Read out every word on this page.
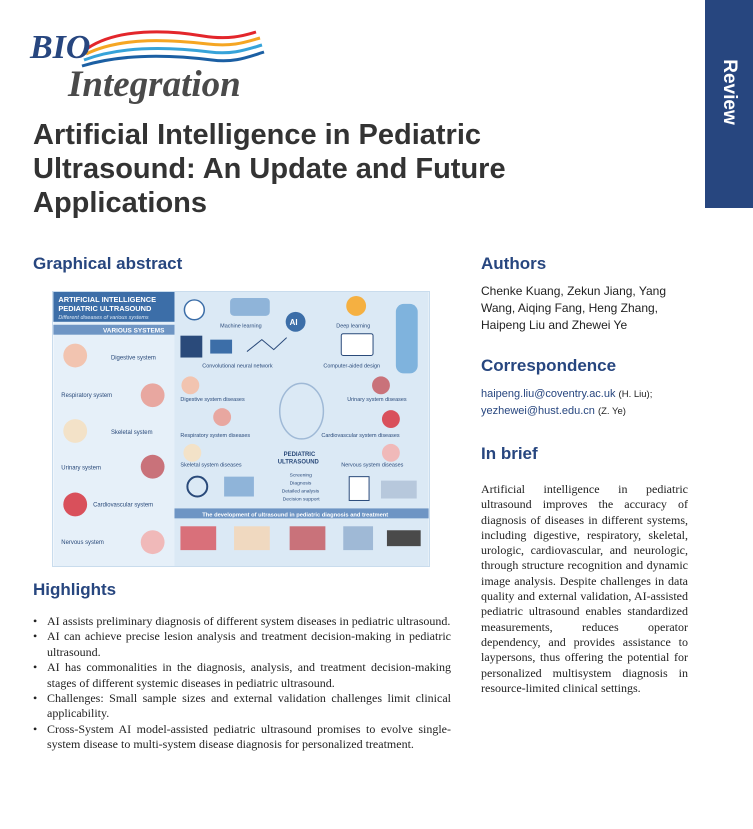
BIO
Integration	Review
Artificial Intelligence in Pediatric
Ultrasound: An Update and Future
Applications
Graphical abstract
ARTIFICIAL INTELLIGENCE
PEDIATRIC ULTRASOUND
Different diseases of various systems
VARIOUS SYSTEMS
Digestive system
Respiratory system
Skeletal system
Urinary system
Cardiovascular system
Nervous system
Machine learning	AI	Deep learning
Convolutional neural network	Computer-aided design
Digestive system diseases
Respiratory system diseases
Skeletal system diseases
Urinary system diseases
Cardiovascular system diseases
Nervous system diseases
PEDIATRIC
ULTRASOUND
Screening
Diagnosis
Detailed analysis
Decision support
The development of ultrasound in pediatric diagnosis and treatment
Highlights
• AI assists preliminary diagnosis of different system diseases in pediatric ultrasound.
• AI can achieve precise lesion analysis and treatment decision-making in pediatric ultrasound.
• AI has commonalities in the diagnosis, analysis, and treatment decision-making stages of different systemic diseases in pediatric ultrasound.
• Challenges: Small sample sizes and external validation challenges limit clinical applicability.
• Cross-System AI model-assisted pediatric ultrasound promises to evolve single-system disease to multi-system disease diagnosis for personalized treatment.
Authors
Chenke Kuang, Zekun Jiang, Yang Wang, Aiqing Fang, Heng Zhang, Haipeng Liu and Zhewei Ye
Correspondence
haipeng.liu@coventry.ac.uk (H. Liu);
yezhewei@hust.edu.cn (Z. Ye)
In brief
Artificial intelligence in pediatric ultrasound improves the accuracy of diagnosis of diseases in different systems, including digestive, respiratory, skeletal, urologic, cardiovascular, and neurologic, through structure recognition and dynamic image analysis. Despite challenges in data quality and external validation, AI-assisted pediatric ultrasound enables standardized measurements, reduces operator dependency, and provides assistance to laypersons, thus offering the potential for personalized multisystem diagnosis in resource-limited clinical settings.
